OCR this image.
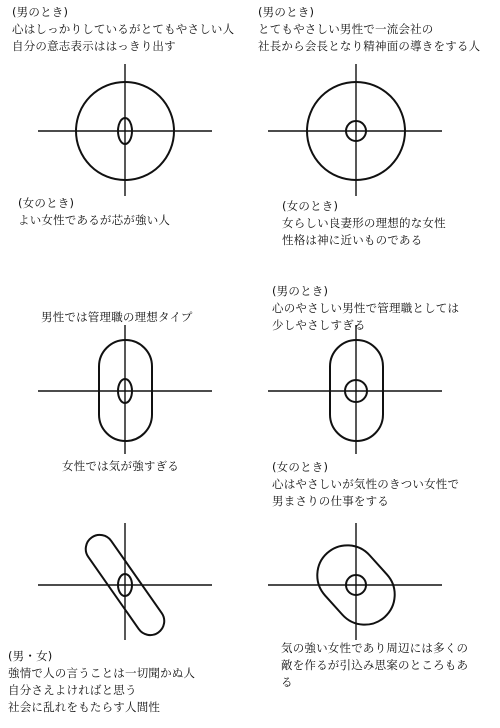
(男のとき)
心はしっかりしているがとてもやさしい人
自分の意志表示ははっきり出す
(女のとき)
よい女性であるが芯が強い人
(男のとき)
とてもやさしい男性で一流会社の
社長から会長となり精神面の導きをする人
(女のとき)
女らしい良妻形の理想的な女性
性格は神に近いものである
男性では管理職の理想タイプ
女性では気が強すぎる
(男のとき)
心のやさしい男性で管理職としては
少しやさしすぎる
(女のとき)
心はやさしいが気性のきつい女性で
男まさりの仕事をする
(男・女)
強情で人の言うことは一切聞かぬ人
自分さえよければと思う
社会に乱れをもたらす人間性
気の強い女性であり周辺には多くの
敵を作るが引込み思案のところもあ
る
